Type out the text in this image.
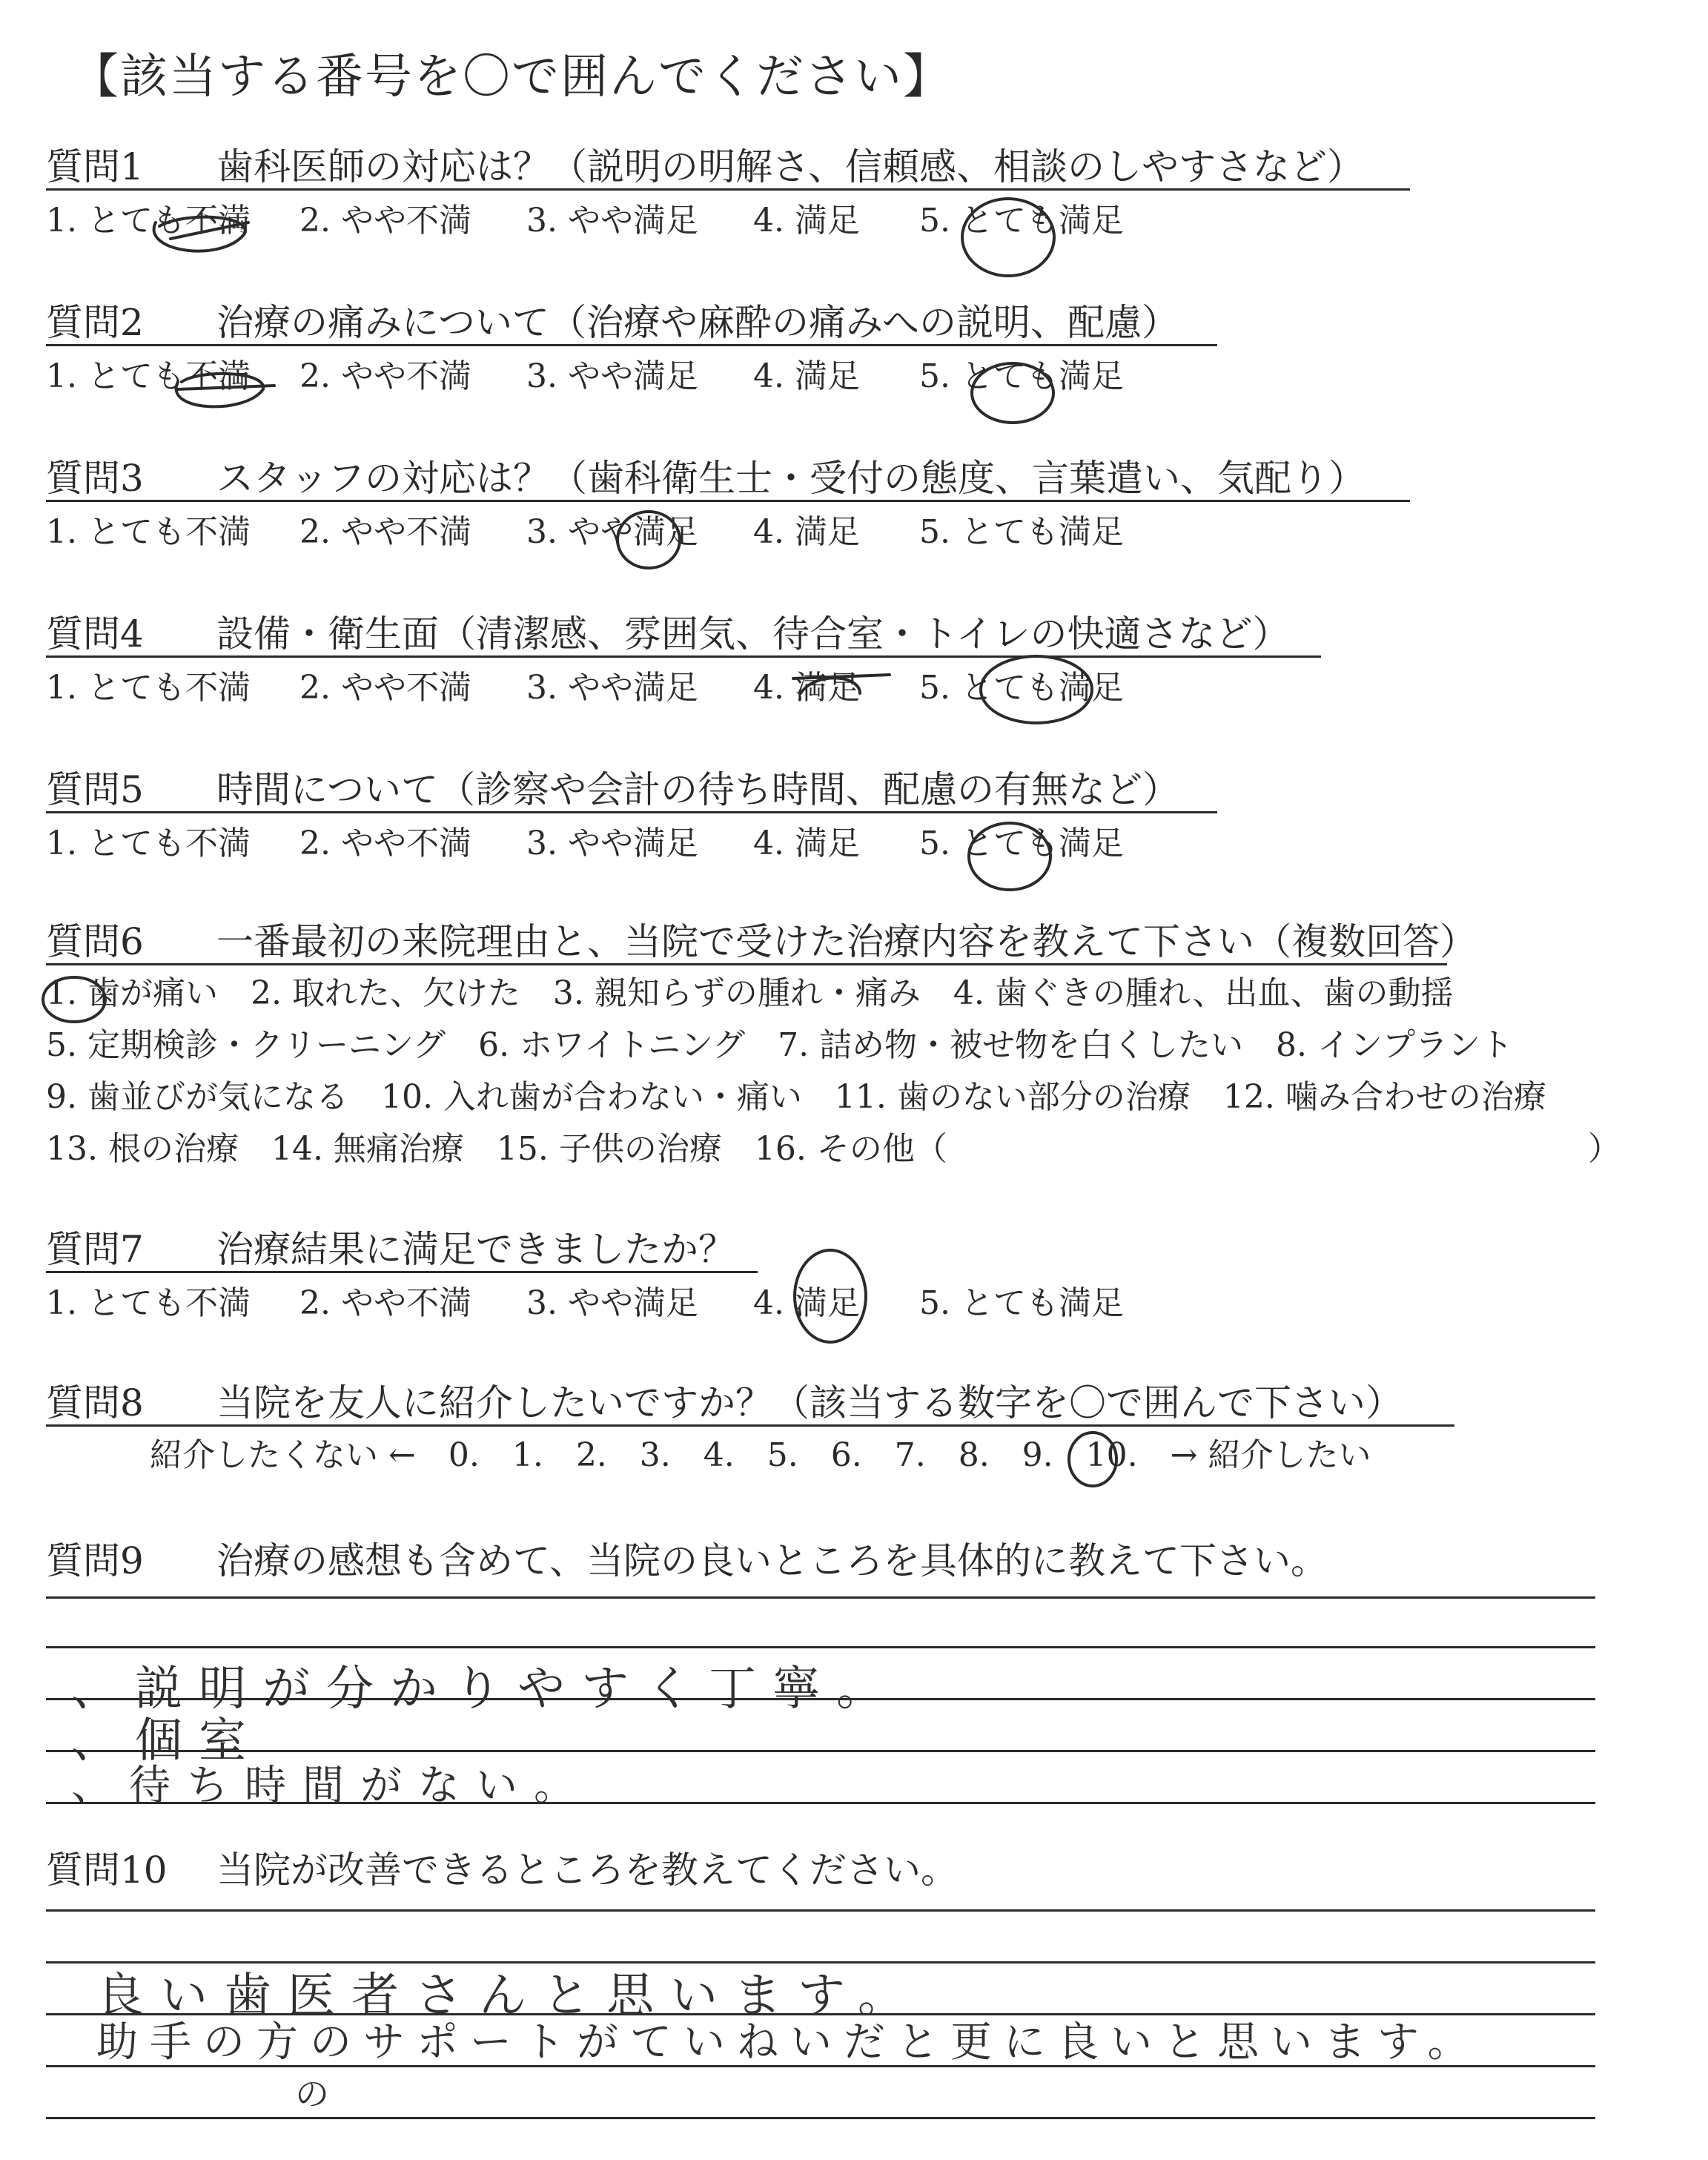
【該当する番号を〇で囲んでください】
質問1 歯科医師の対応は？（説明の明解さ、信頼感、相談のしやすさなど）
1. とても不満 2. やや不満 3. やや満足 4. 満足 5. とても満足
質問2 治療の痛みについて（治療や麻酔の痛みへの説明、配慮）
1. とても不満 2. やや不満 3. やや満足 4. 満足 5. とても満足
質問3 スタッフの対応は？（歯科衛生士・受付の態度、言葉遣い、気配り）
1. とても不満 2. やや不満 3. やや満足 4. 満足 5. とても満足
質問4 設備・衛生面（清潔感、雰囲気、待合室・トイレの快適さなど）
1. とても不満 2. やや不満 3. やや満足 4. 満足 5. とても満足
質問5 時間について（診察や会計の待ち時間、配慮の有無など）
1. とても不満 2. やや不満 3. やや満足 4. 満足 5. とても満足
質問6 一番最初の来院理由と、当院で受けた治療内容を教えて下さい（複数回答）
1. 歯が痛い　2. 取れた、欠けた　3. 親知らずの腫れ・痛み　4. 歯ぐきの腫れ、出血、歯の動揺
5. 定期検診・クリーニング　6. ホワイトニング　7. 詰め物・被せ物を白くしたい　8. インプラント
9. 歯並びが気になる　10. 入れ歯が合わない・痛い　11. 歯のない部分の治療　12. 噛み合わせの治療
13. 根の治療　14. 無痛治療　15. 子供の治療　16. その他（	）
質問7 治療結果に満足できましたか？
1. とても不満 2. やや不満 3. やや満足 4. 満足 5. とても満足
質問8 当院を友人に紹介したいですか？（該当する数字を〇で囲んで下さい）
紹介したくない ←　0.　1.　2.　3.　4.　5.　6.　7.　8.　9.　10.　→ 紹介したい
質問9 治療の感想も含めて、当院の良いところを具体的に教えて下さい。
、説明が分かりやすく丁寧。
、個室
、待ち時間がない。
質問10 当院が改善できるところを教えてください。
良い歯医者さんと思います。
助手の方のサポートがていねいだと更に良いと思います。
の
